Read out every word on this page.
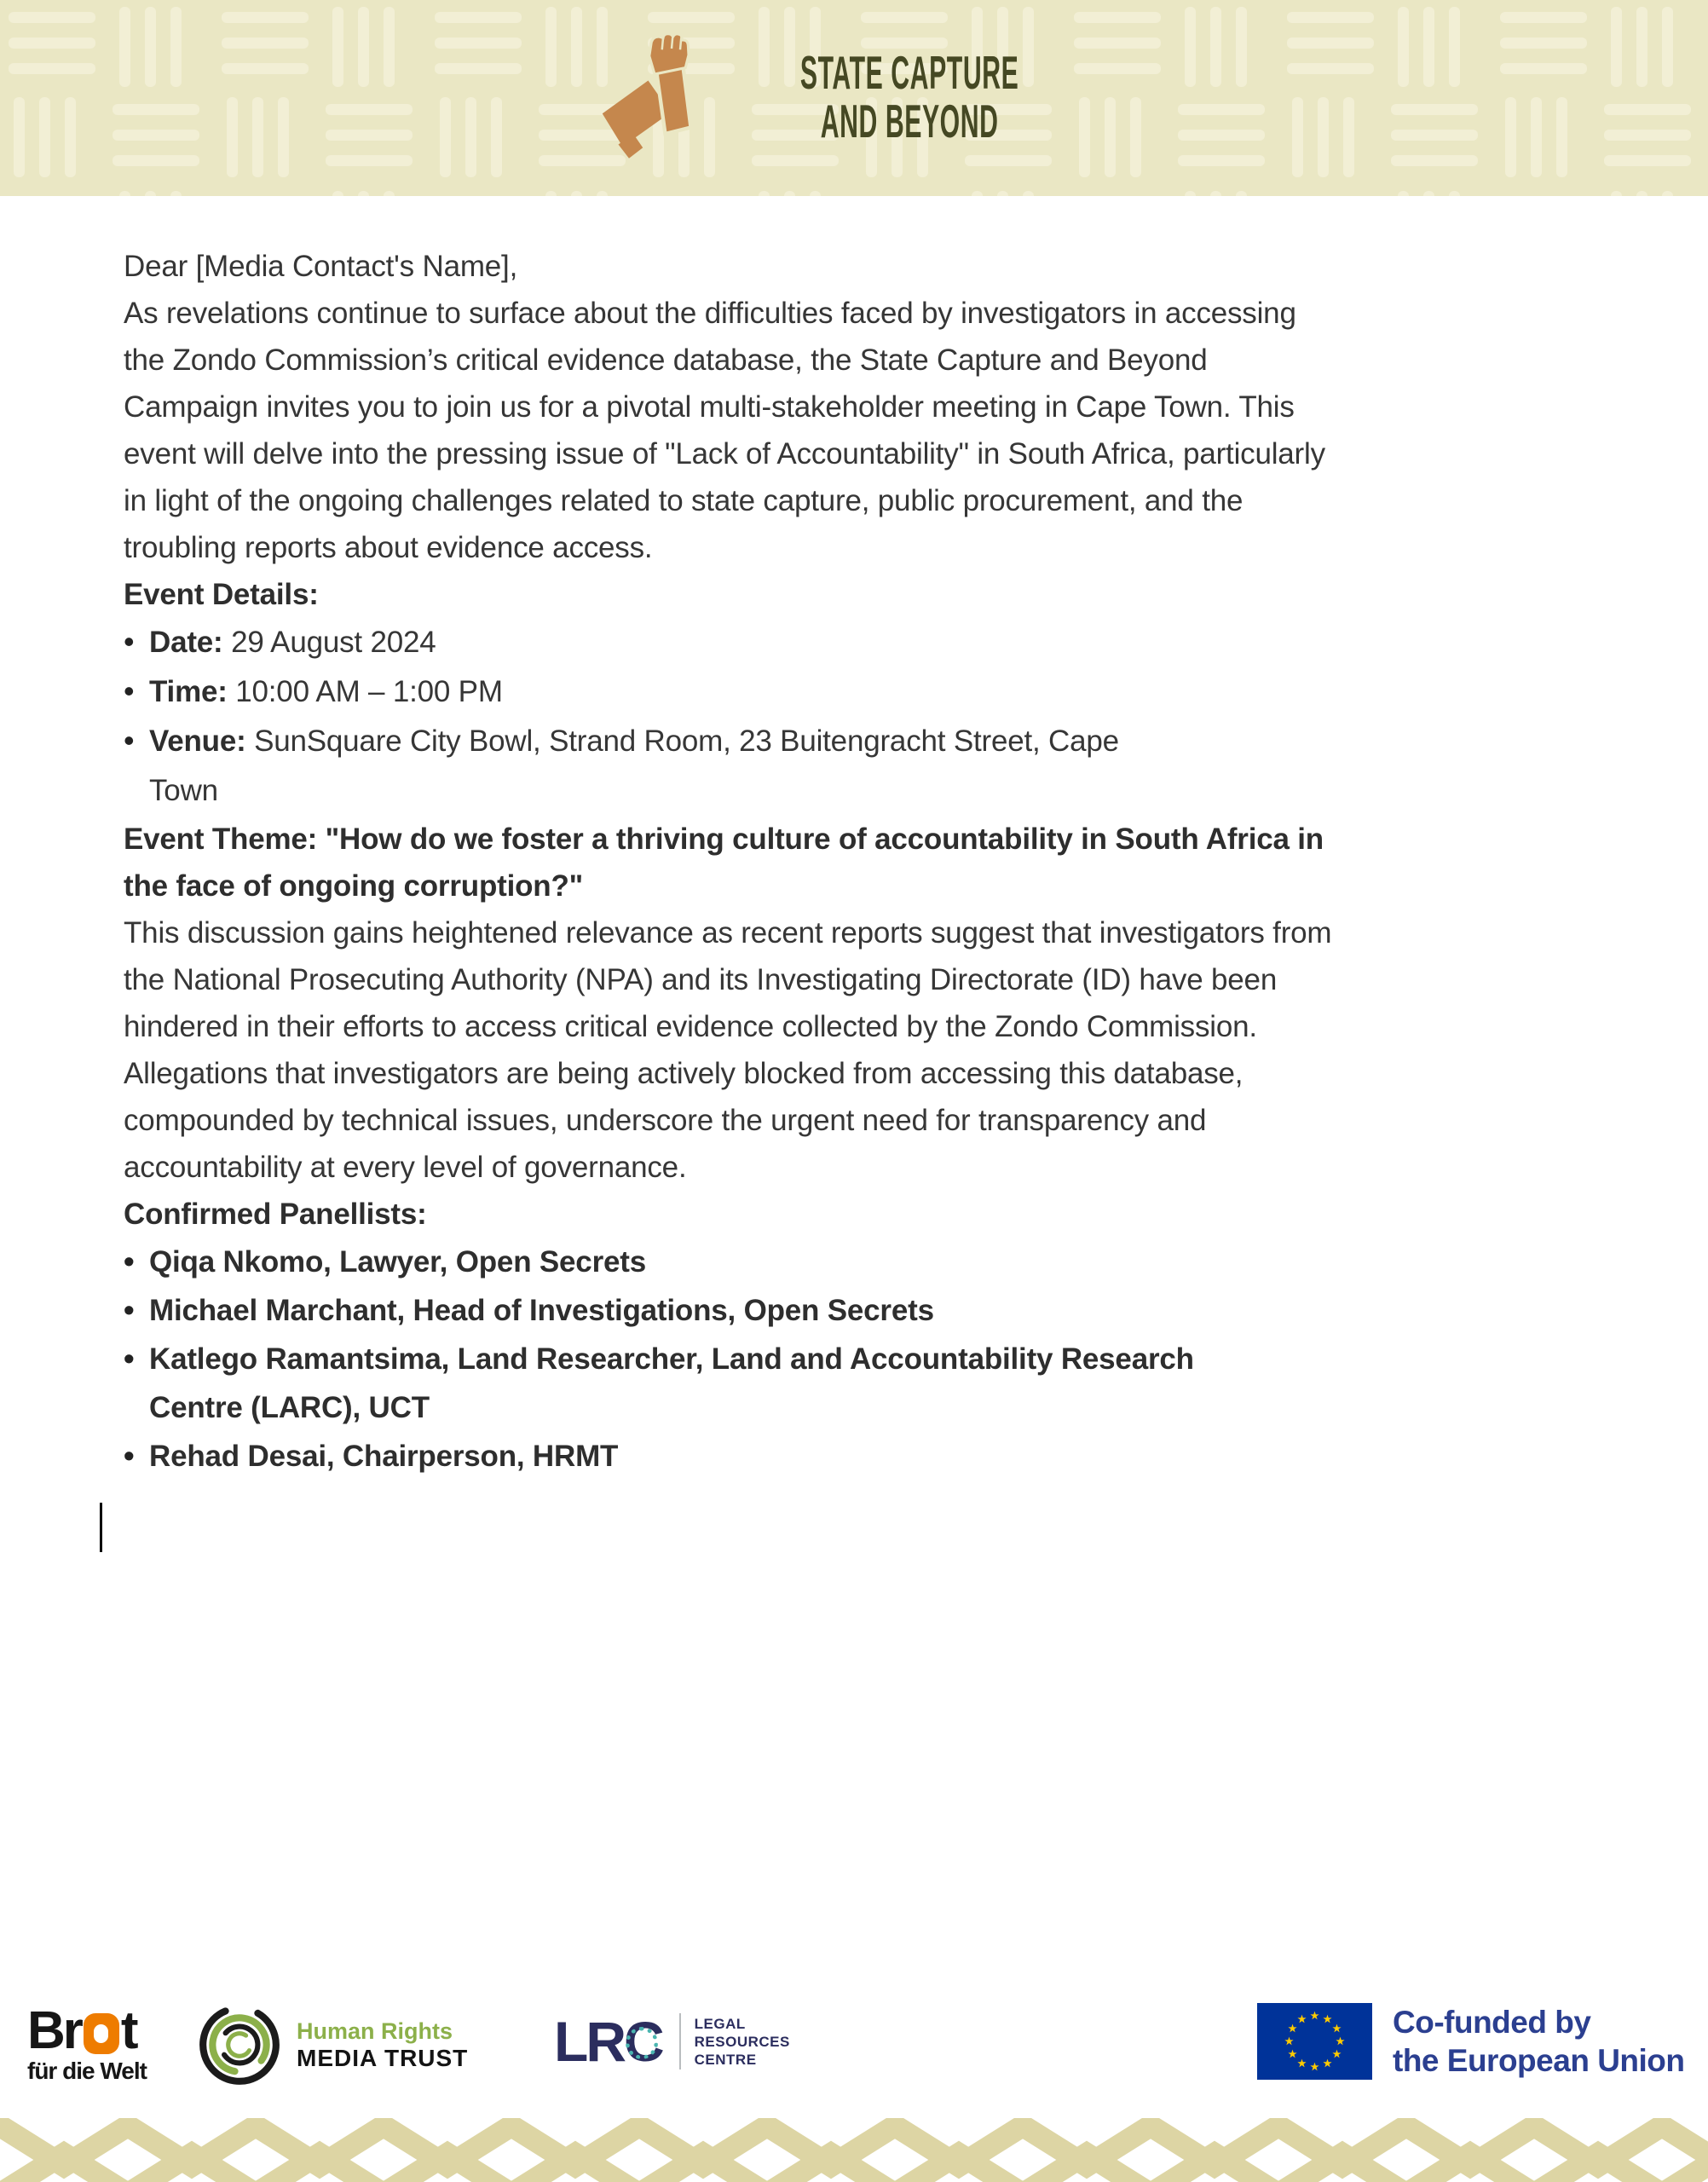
STATE CAPTURE
AND BEYOND

Dear [Media Contact's Name],

As revelations continue to surface about the difficulties faced by investigators in accessing the Zondo Commission’s critical evidence database, the State Capture and Beyond Campaign invites you to join us for a pivotal multi-stakeholder meeting in Cape Town. This event will delve into the pressing issue of "Lack of Accountability" in South Africa, particularly in light of the ongoing challenges related to state capture, public procurement, and the troubling reports about evidence access.

Event Details:
• Date: 29 August 2024
• Time: 10:00 AM – 1:00 PM
• Venue: SunSquare City Bowl, Strand Room, 23 Buitengracht Street, Cape Town
Event Theme: "How do we foster a thriving culture of accountability in South Africa in the face of ongoing corruption?"

This discussion gains heightened relevance as recent reports suggest that investigators from the National Prosecuting Authority (NPA) and its Investigating Directorate (ID) have been hindered in their efforts to access critical evidence collected by the Zondo Commission. Allegations that investigators are being actively blocked from accessing this database, compounded by technical issues, underscore the urgent need for transparency and accountability at every level of governance.

Confirmed Panellists:
• Qiqa Nkomo, Lawyer, Open Secrets
• Michael Marchant, Head of Investigations, Open Secrets
• Katlego Ramantsima, Land Researcher, Land and Accountability Research Centre (LARC), UCT
• Rehad Desai, Chairperson, HRMT
Br t
für die Welt
Human Rights
MEDIA TRUST LRC LEGAL
RESOURCES
CENTRE
Co-funded by
the European Union
